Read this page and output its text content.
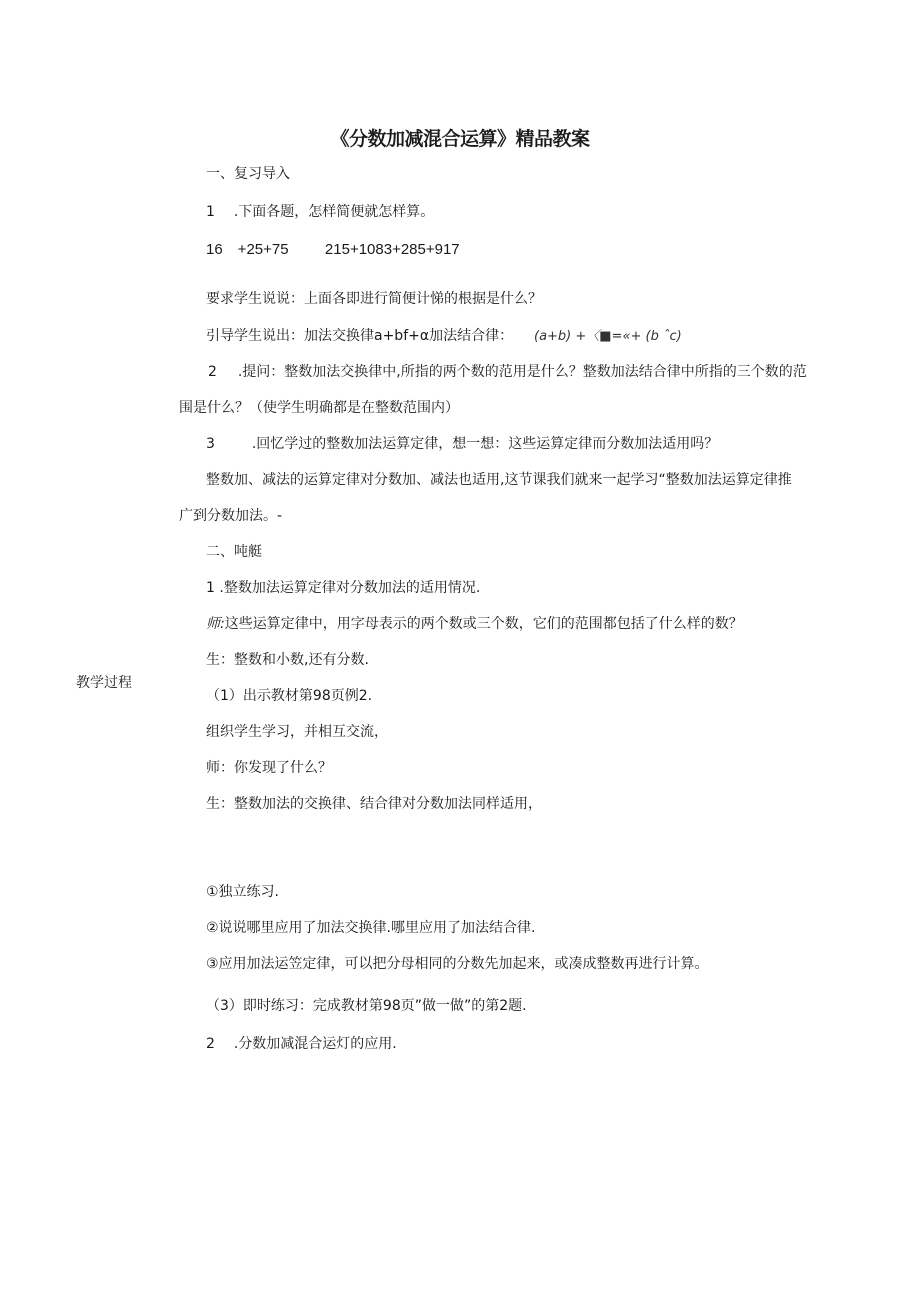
《分数加减混合运算》精品教案
教学过程
一、复习导入
1 .下面各题，怎样简便就怎样算。
16　+25+75 215+1083+285+917
要求学生说说：上面各即进行简便计悌的根据是什么？
引导学生说出：加法交换律a+bf+α加法结合律： (a+b) +〈■=«+ (b ˆc)
2 .提问：整数加法交换律中,所指的两个数的范用是什么？整数加法结合律中所指的三个数的范
围是什么？（使学生明确都是在整数范围内）
3	.回忆学过的整数加法运算定律，想一想：这些运算定律而分数加法适用吗？
整数加、减法的运算定律对分数加、减法也适用,这节课我们就来一起学习“整数加法运算定律推
广到分数加法。-
二、吨艇
1 .整数加法运算定律对分数加法的适用情况.
师:这些运算定律中，用字母表示的两个数或三个数，它们的范围都包括了什么样的数？
生：整数和小数,还有分数.
（1）出示教材第98页例2.
组织学生学习，并相互交流，
师：你发现了什么？
生：整数加法的交换律、结合律对分数加法同样适用，
①独立练习.
②说说哪里应用了加法交换律.哪里应用了加法结合律.
③应用加法运笠定律，可以把分母相同的分数先加起来，或凑成整数再进行计算。
（3）即时练习：完成教材第98页”做一做”的第2题.
2 .分数加减混合运灯的应用.
